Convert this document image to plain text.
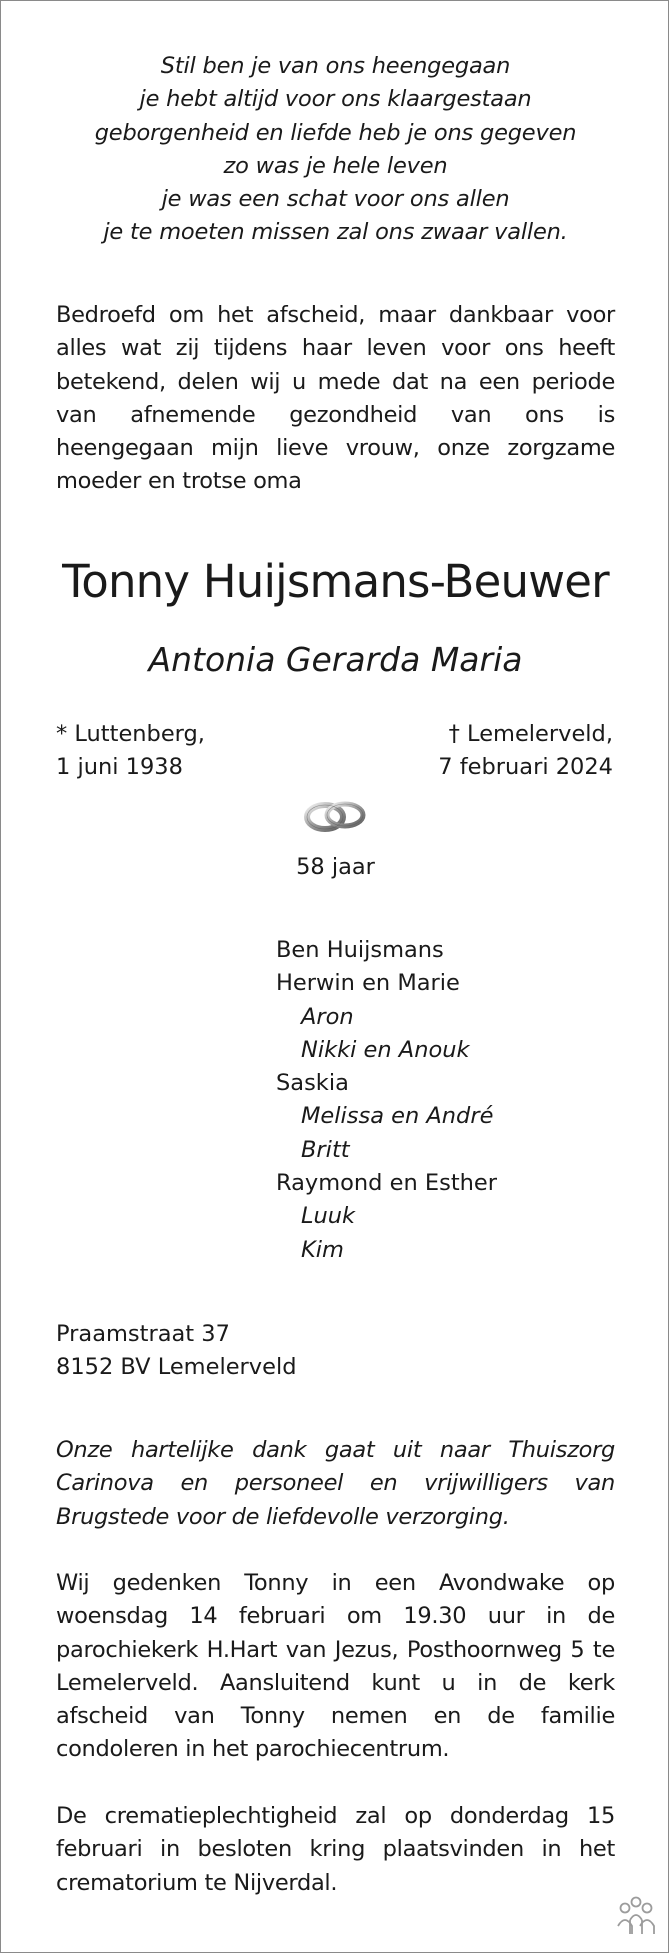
Stil ben je van ons heengegaan
je hebt altijd voor ons klaargestaan
geborgenheid en liefde heb je ons gegeven
zo was je hele leven
je was een schat voor ons allen
je te moeten missen zal ons zwaar vallen.
Bedroefd om het afscheid, maar dankbaar voor alles wat zij tijdens haar leven voor ons heeft betekend, delen wij u mede dat na een periode van afnemende gezondheid van ons is heengegaan mijn lieve vrouw, onze zorgzame moeder en trotse oma
Tonny Huijsmans-Beuwer
Antonia Gerarda Maria
* Luttenberg,
1 juni 1938
† Lemelerveld,
7 februari 2024
58 jaar
Ben Huijsmans
Herwin en Marie
Aron
Nikki en Anouk
Saskia
Melissa en André
Britt
Raymond en Esther
Luuk
Kim
Praamstraat 37
8152 BV Lemelerveld
Onze hartelijke dank gaat uit naar Thuiszorg Carinova en personeel en vrijwilligers van Brugstede voor de liefdevolle verzorging.
Wij gedenken Tonny in een Avondwake op woensdag 14 februari om 19.30 uur in de parochiekerk H.Hart van Jezus, Posthoornweg 5 te Lemelerveld. Aansluitend kunt u in de kerk afscheid van Tonny nemen en de familie condoleren in het parochiecentrum.
De crematieplechtigheid zal op donderdag 15 februari in besloten kring plaatsvinden in het crematorium te Nijverdal.
